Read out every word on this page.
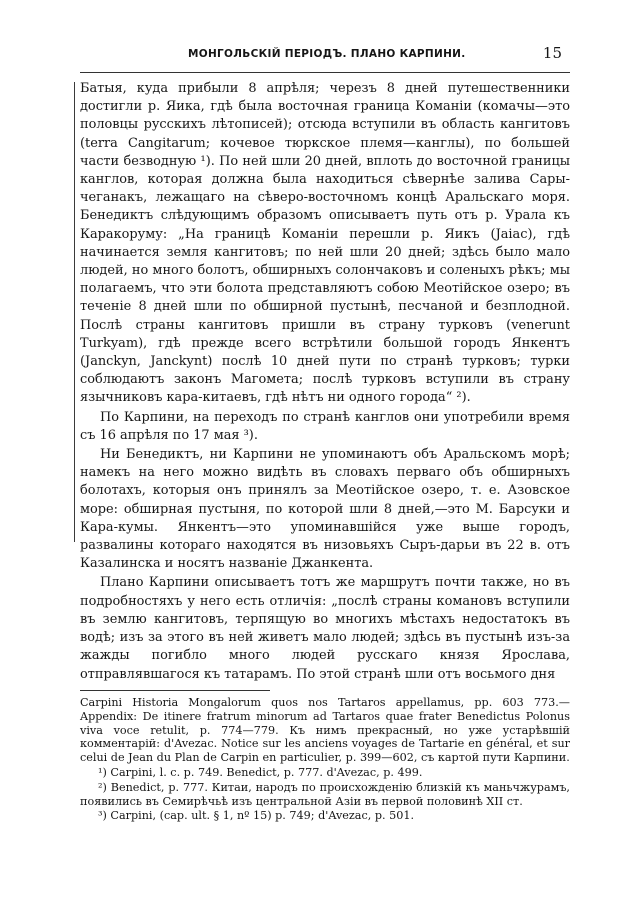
МОНГОЛЬСКІЙ ПЕРІОДЪ. ПЛАНО КАРПИНИ.	15

Батыя, куда прибыли 8 апрѣля; черезъ 8 дней путешественники достигли р. Яика, гдѣ была восточная граница Команіи (комачы—это половцы русскихъ лѣтописей); отсюда вступили въ область кангитовъ (terra Cangitarum; кочевое тюркское племя—канглы), по большей части безводную ¹). По ней шли 20 дней, вплоть до восточной границы канглов, которая должна была находиться сѣвернѣе залива Сары-чеганакъ, лежащаго на сѣверо-восточномъ концѣ Аральскаго моря. Бенедиктъ слѣдующимъ образомъ описываетъ путь отъ р. Урала къ Каракоруму: „На границѣ Команіи перешли р. Яикъ (Jaiac), гдѣ начинается земля кангитовъ; по ней шли 20 дней; здѣсь было мало людей, но много болотъ, обширныхъ солончаковъ и соленыхъ рѣкъ; мы полагаемъ, что эти болота представляютъ собою Меотійское озеро; въ теченіе 8 дней шли по обширной пустынѣ, песчаной и безплодной. Послѣ страны кангитовъ пришли въ страну турковъ (venerunt Turkyam), гдѣ прежде всего встрѣтили большой городъ Янкентъ (Janckyn, Janckynt) послѣ 10 дней пути по странѣ турковъ; турки соблюдаютъ законъ Магомета; послѣ турковъ вступили въ страну язычниковъ кара-китаевъ, гдѣ нѣтъ ни одного города“ ²).

По Карпини, на переходъ по странѣ канглов они употребили время съ 16 апрѣля по 17 мая ³).

Ни Бенедиктъ, ни Карпини не упоминаютъ объ Аральскомъ морѣ; намекъ на него можно видѣть въ словахъ перваго объ обширныхъ болотахъ, которыя онъ принялъ за Меотійское озеро, т. е. Азовское море: обширная пустыня, по которой шли 8 дней,—это М. Барсуки и Кара-кумы. Янкентъ—это упоминавшійся уже выше городъ, развалины котораго находятся въ низовьяхъ Сыръ-дарьи въ 22 в. отъ Казалинска и носятъ названіе Джанкента.

Плано Карпини описываетъ тотъ же маршрутъ почти также, но въ подробностяхъ у него есть отличія: „послѣ страны комановъ вступили въ землю кангитовъ, терпящую во многихъ мѣстахъ недостатокъ въ водѣ; изъ за этого въ ней живетъ мало людей; здѣсь въ пустынѣ изъ-за жажды погибло много людей русскаго князя Ярослава, отправлявшагося къ татарамъ. По этой странѣ шли отъ восьмого дня

Carpini Historia Mongalorum quos nos Tartaros appellamus, pp. 603 773.— Appendix: De itinere fratrum minorum ad Tartaros quae frater Benedictus Polonus viva voce retulit, p. 774—779. Къ нимъ прекрасный, но уже устарѣвшій комментарій: d'Avezac. Notice sur les anciens voyages de Tartarie en général, et sur celui de Jean du Plan de Carpin en particulier, p. 399—602, съ картой пути Карпини.

¹) Carpini, l. c. p. 749. Benedict, p. 777. d'Avezac, p. 499.

²) Benedict, p. 777. Китаи, народъ по происхожденію близкій къ маньчжурамъ, появились въ Семирѣчьѣ изъ центральной Азіи въ первой половинѣ XII ст.

³) Carpini, (cap. ult. § 1, nº 15) p. 749; d'Avezac, p. 501.
